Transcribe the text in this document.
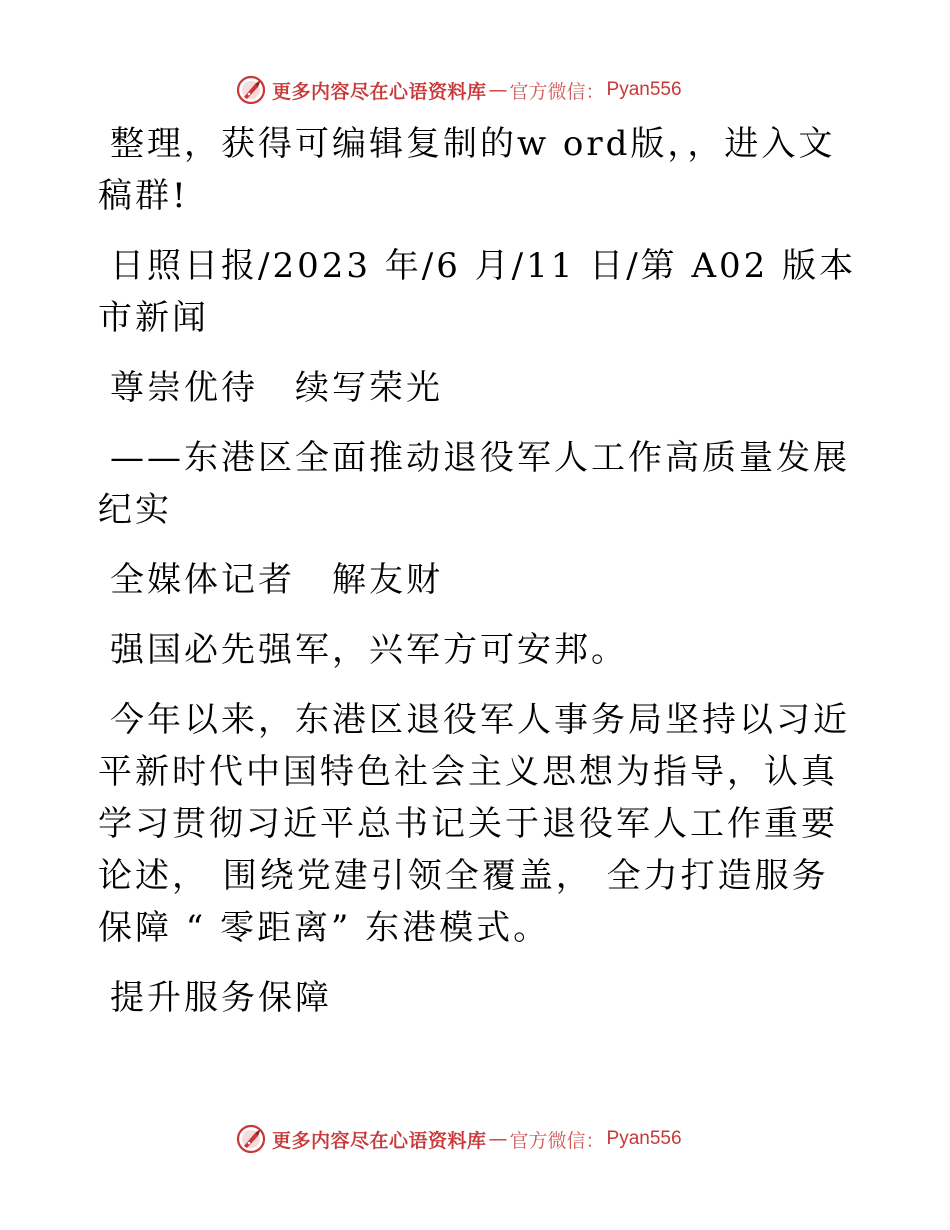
更多内容尽在心语资料库 — 官方微信： Pyan556

整理，获得可编辑复制的w ord版，，进入文稿群!

日照日报/2023 年/6 月/11 日/第 A02 版本市新闻

尊崇优待　续写荣光

——东港区全面推动退役军人工作高质量发展纪实

全媒体记者　解友财

强国必先强军，兴军方可安邦。

今年以来，东港区退役军人事务局坚持以习近平新时代中国特色社会主义思想为指导，认真学习贯彻习近平总书记关于退役军人工作重要论述， 围绕党建引领全覆盖， 全力打造服务保障 “ 零距离” 东港模式。

提升服务保障

更多内容尽在心语资料库 — 官方微信： Pyan556
